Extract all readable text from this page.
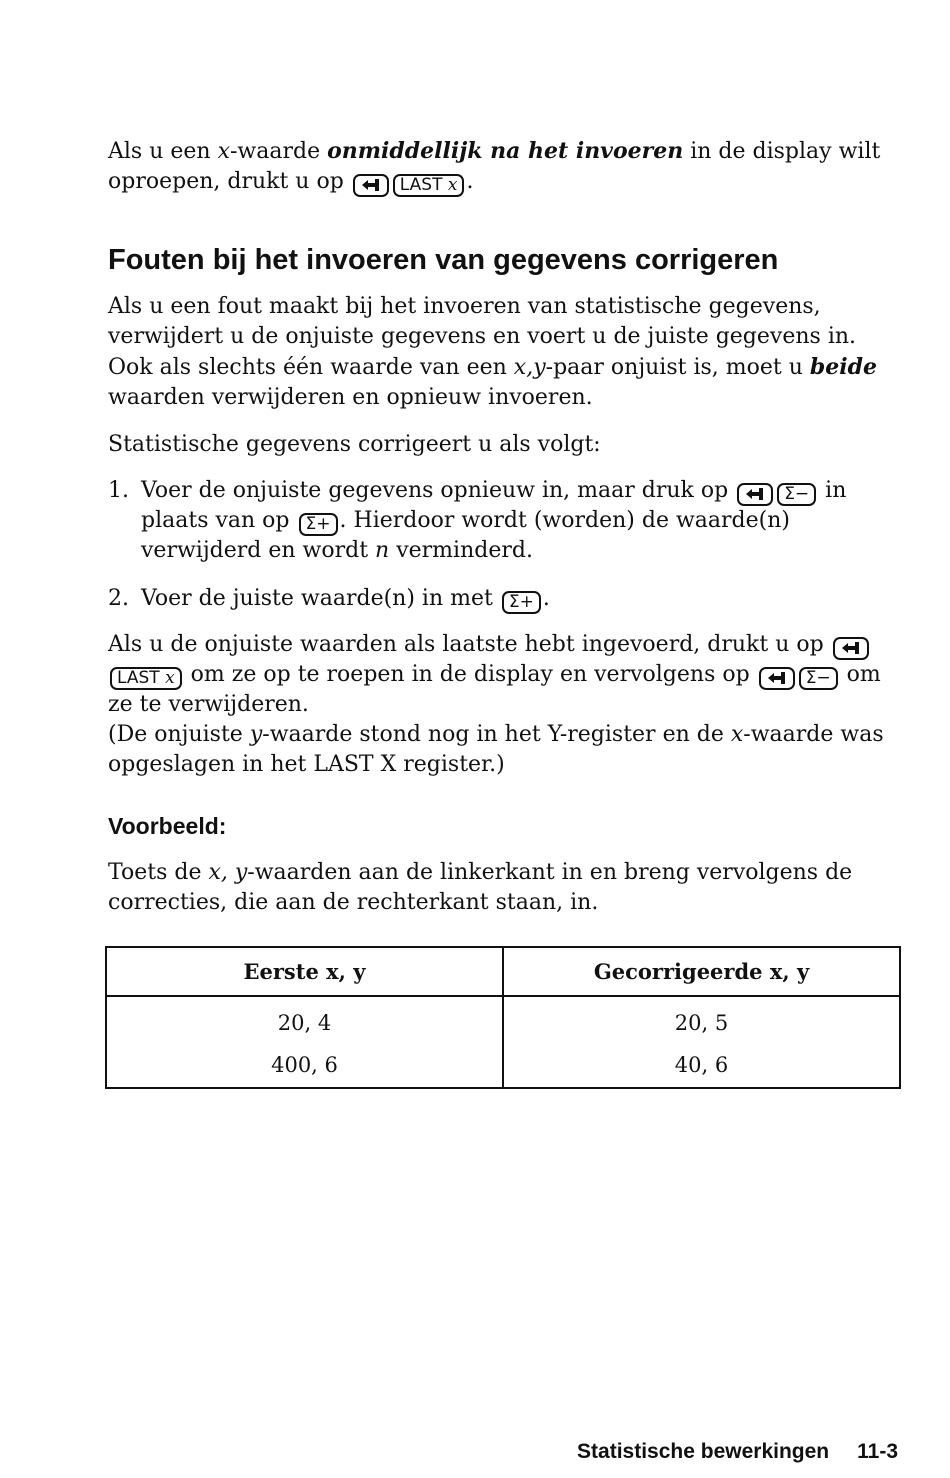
Als u een x-waarde onmiddellijk na het invoeren in de display wilt oproepen, drukt u op	LAST x .
Fouten bij het invoeren van gegevens corrigeren
Als u een fout maakt bij het invoeren van statistische gegevens, verwijdert u de onjuiste gegevens en voert u de juiste gegevens in. Ook als slechts één waarde van een x,y-paar onjuist is, moet u beide waarden verwijderen en opnieuw invoeren.
Statistische gegevens corrigeert u als volgt:
1. Voer de onjuiste gegevens opnieuw in, maar druk op	Σ− in plaats van op Σ+ . Hierdoor wordt (worden) de waarde(n) verwijderd en wordt n verminderd.
2. Voer de juiste waarde(n) in met Σ+ .
Als u de onjuiste waarden als laatste hebt ingevoerd, drukt u op LAST x om ze op te roepen in de display en vervolgens op	Σ− om ze te verwijderen.
(De onjuiste y-waarde stond nog in het Y-register en de x-waarde was opgeslagen in het LAST X register.)
Voorbeeld:
Toets de x, y-waarden aan de linkerkant in en breng vervolgens de correcties, die aan de rechterkant staan, in.
Eerste x, y	Gecorrigeerde x, y
20, 4	20, 5
400, 6	40, 6
Statistische bewerkingen 11-3
